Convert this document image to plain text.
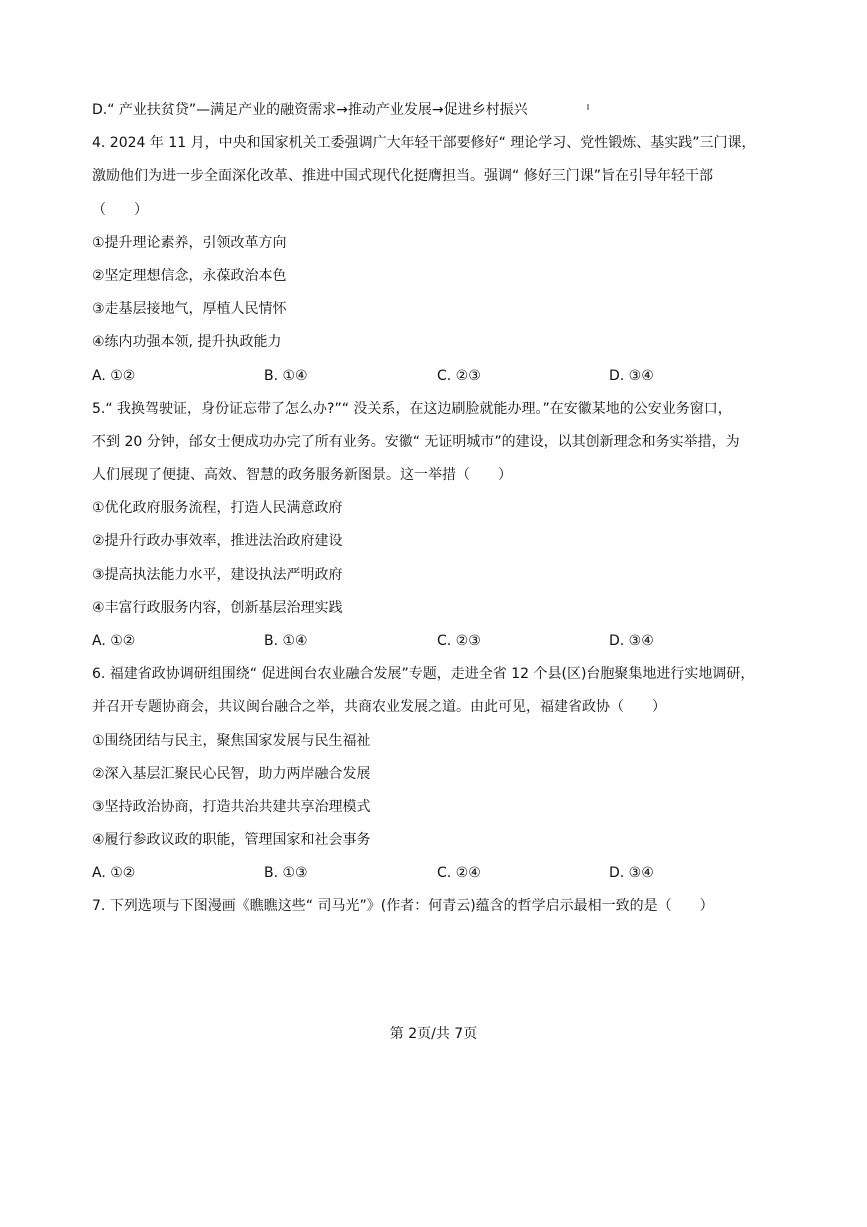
D.“ 产业扶贫贷”—满足产业的融资需求→推动产业发展→促进乡村振兴
4. 2024 年 11 月，中央和国家机关工委强调广大年轻干部要修好“ 理论学习、党性锻炼、基实践”三门课，
激励他们为进一步全面深化改革、推进中国式现代化挺膺担当。强调“ 修好三门课”旨在引导年轻干部
（　　）
①提升理论素养，引领改革方向
②坚定理想信念，永葆政治本色
③走基层接地气，厚植人民情怀
④练内功强本领, 提升执政能力
A. ①②	B. ①④	C. ②③	D. ③④
5.“ 我换驾驶证，身份证忘带了怎么办?”“ 没关系，在这边刷脸就能办理。”在安徽某地的公安业务窗口，
不到 20 分钟，邰女士便成功办完了所有业务。安徽“ 无证明城市”的建设，以其创新理念和务实举措，为
人们展现了便捷、高效、智慧的政务服务新图景。这一举措（　　）
①优化政府服务流程，打造人民满意政府
②提升行政办事效率，推进法治政府建设
③提高执法能力水平，建设执法严明政府
④丰富行政服务内容，创新基层治理实践
A. ①②	B. ①④	C. ②③	D. ③④
6. 福建省政协调研组围绕“ 促进闽台农业融合发展”专题，走进全省 12 个县(区)台胞聚集地进行实地调研，
并召开专题协商会，共议闽台融合之举，共商农业发展之道。由此可见，福建省政协（　　）
①围绕团结与民主，聚焦国家发展与民生福祉
②深入基层汇聚民心民智，助力两岸融合发展
③坚持政治协商，打造共治共建共享治理模式
④履行参政议政的职能，管理国家和社会事务
A. ①②	B. ①③	C. ②④	D. ③④
7. 下列选项与下图漫画《瞧瞧这些“ 司马光”》(作者：何青云)蕴含的哲学启示最相一致的是（　　）
第 2页/共 7页
